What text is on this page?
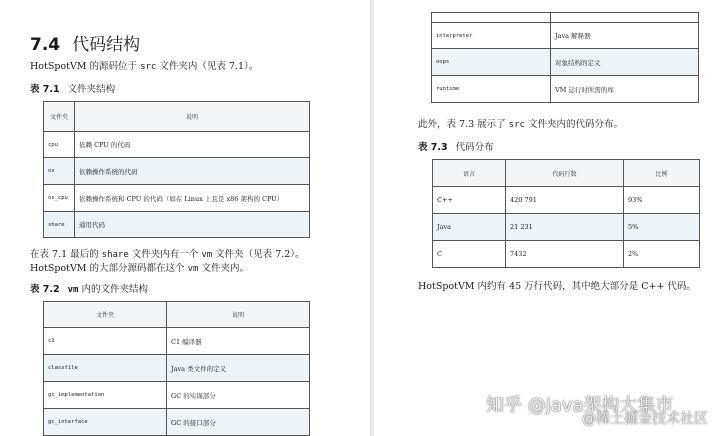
7.4 代码结构
HotSpotVM 的源码位于 src 文件夹内（见表 7.1）。
表 7.1 文件夹结构
文件夹	说明
cpu	依赖 CPU 的代码
os	依赖操作系统的代码
os_cpu	依赖操作系统和 CPU 的代码（如在 Linux 上且是 x86 架构的 CPU）
share	通用代码
在表 7.1 最后的 share 文件夹内有一个 vm 文件夹（见表 7.2）。
HotSpotVM 的大部分源码都在这个 vm 文件夹内。
表 7.2 vm 内的文件夹结构
文件夹	说明
c1	C1 编译器
classfile	Java 类文件的定义
gc_implementation	GC 的实现部分
gc_interface	GC 的接口部分

interpreter	Java 解释器
oops	对象结构的定义
runtime	VM 运行时所需的库
此外，表 7.3 展示了 src 文件夹内的代码分布。
表 7.3 代码分布
语言	代码行数	比例
C++	420 791	93%
Java	21 231	5%
C	7432	2%
HotSpotVM 内约有 45 万行代码，其中绝大部分是 C++ 代码。
知乎 @java架构大集市
@稀土掘金技术社区
